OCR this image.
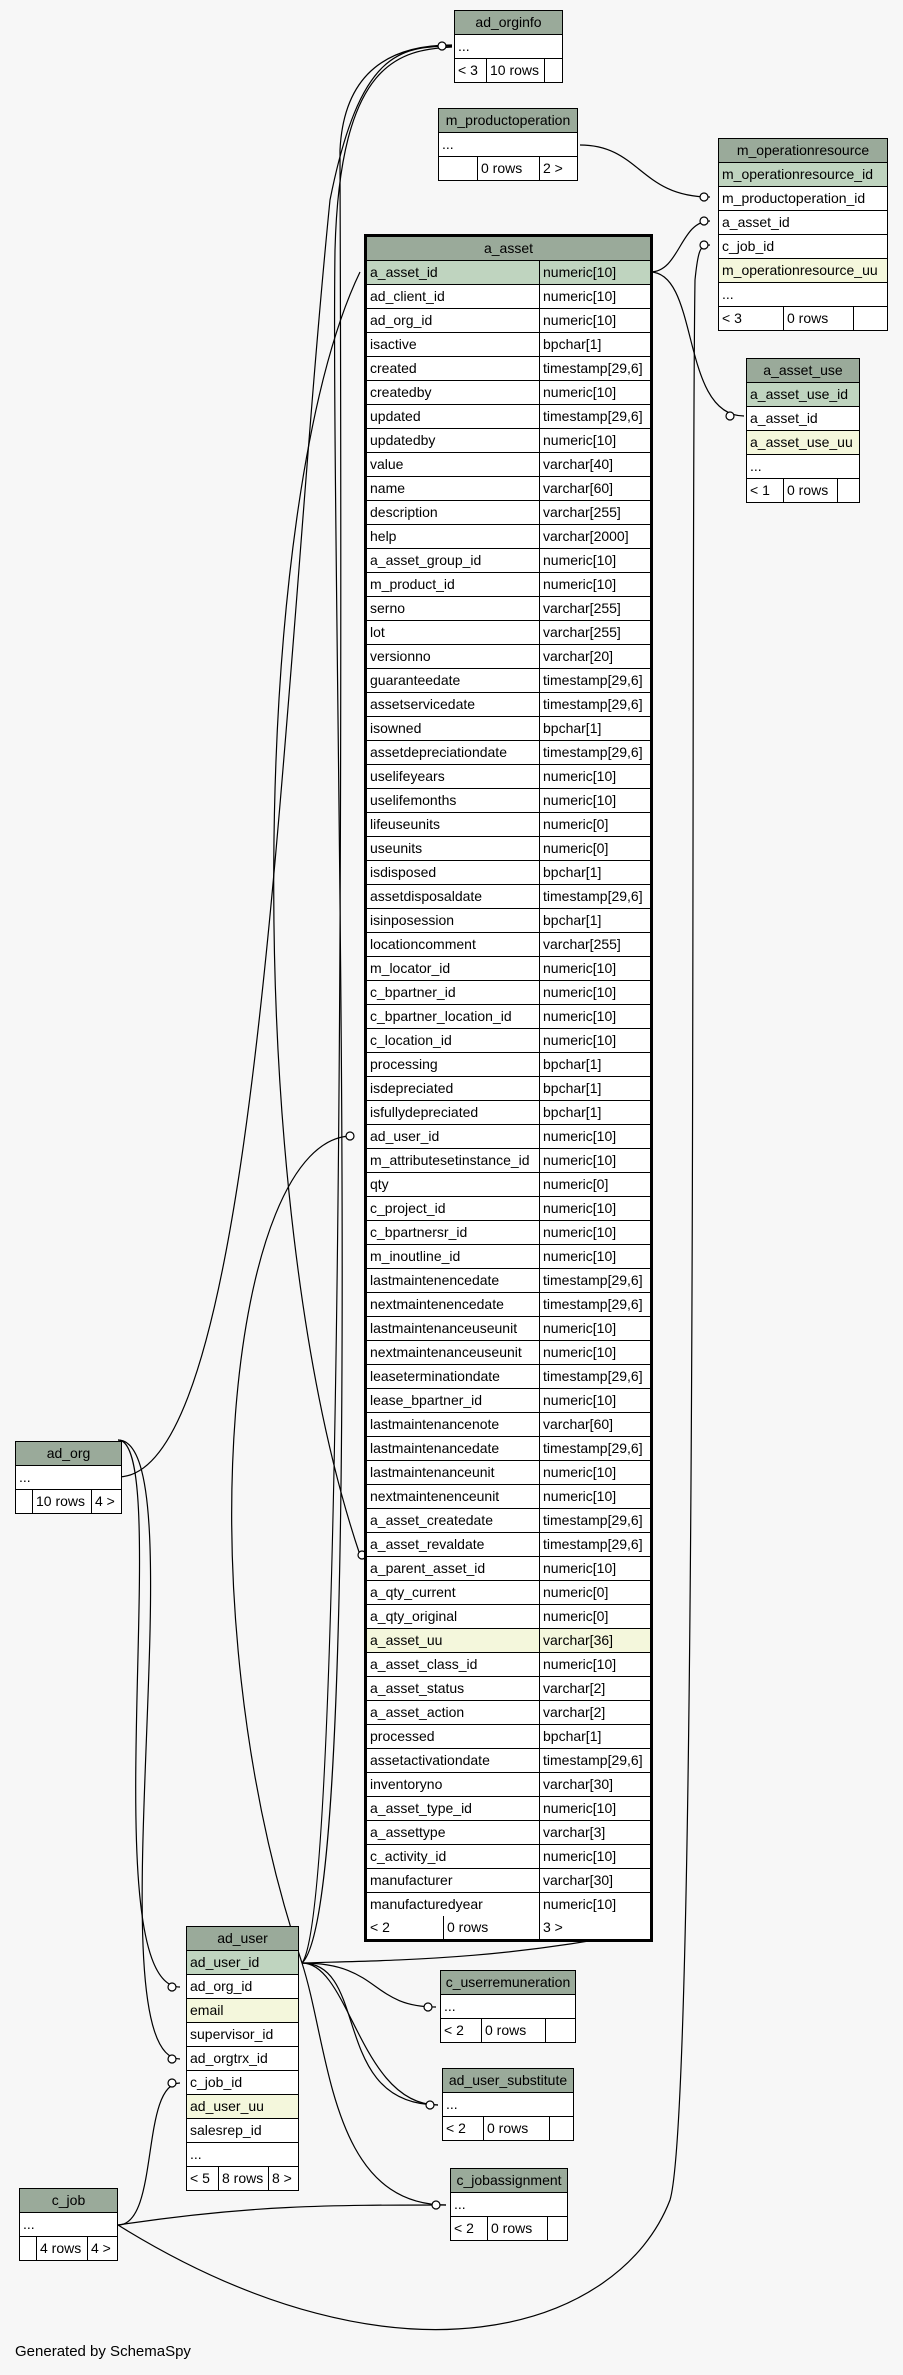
ad_orginfo
...
< 3 10 rows
m_productoperation
...
0 rows	2 >
m_operationresource
m_operationresource_id
m_productoperation_id
a_asset_id
c_job_id
m_operationresource_uu
...
< 3	0 rows
a_asset_use
a_asset_use_id
a_asset_id
a_asset_use_uu
...
< 1	0 rows
a_asset
a_asset_id	numeric[10]
ad_client_id	numeric[10]
ad_org_id	numeric[10]
isactive	bpchar[1]
created	timestamp[29,6]
createdby	numeric[10]
updated	timestamp[29,6]
updatedby	numeric[10]
value	varchar[40]
name	varchar[60]
description	varchar[255]
help	varchar[2000]
a_asset_group_id	numeric[10]
m_product_id	numeric[10]
serno	varchar[255]
lot	varchar[255]
versionno	varchar[20]
guaranteedate	timestamp[29,6]
assetservicedate	timestamp[29,6]
isowned	bpchar[1]
assetdepreciationdate	timestamp[29,6]
uselifeyears	numeric[10]
uselifemonths	numeric[10]
lifeuseunits	numeric[0]
useunits	numeric[0]
isdisposed	bpchar[1]
assetdisposaldate	timestamp[29,6]
isinposession	bpchar[1]
locationcomment	varchar[255]
m_locator_id	numeric[10]
c_bpartner_id	numeric[10]
c_bpartner_location_id	numeric[10]
c_location_id	numeric[10]
processing	bpchar[1]
isdepreciated	bpchar[1]
isfullydepreciated	bpchar[1]
ad_user_id	numeric[10]
m_attributesetinstance_id numeric[10]
qty	numeric[0]
c_project_id	numeric[10]
c_bpartnersr_id	numeric[10]
m_inoutline_id	numeric[10]
lastmaintenencedate	timestamp[29,6]
nextmaintenencedate	timestamp[29,6]
lastmaintenanceuseunit	numeric[10]
nextmaintenanceuseunit	numeric[10]
leaseterminationdate	timestamp[29,6]
lease_bpartner_id	numeric[10]
lastmaintenancenote	varchar[60]
lastmaintenancedate	timestamp[29,6]
lastmaintenanceunit	numeric[10]
nextmaintenenceunit	numeric[10]
a_asset_createdate	timestamp[29,6]
a_asset_revaldate	timestamp[29,6]
a_parent_asset_id	numeric[10]
a_qty_current	numeric[0]
a_qty_original	numeric[0]
a_asset_uu	varchar[36]
a_asset_class_id	numeric[10]
a_asset_status	varchar[2]
a_asset_action	varchar[2]
processed	bpchar[1]
assetactivationdate	timestamp[29,6]
inventoryno	varchar[30]
a_asset_type_id	numeric[10]
a_assettype	varchar[3]
c_activity_id	numeric[10]
manufacturer	varchar[30]
manufacturedyear	numeric[10]
< 2	0 rows	3 >
ad_org
...
10 rows 4 >
ad_user
ad_user_id
ad_org_id
email
supervisor_id
ad_orgtrx_id
c_job_id
ad_user_uu
salesrep_id
...
< 5 8 rows 8 >
c_userremuneration
...
< 2	0 rows
ad_user_substitute
...
< 2	0 rows
c_job
...
4 rows 4 >
c_jobassignment
...
< 2	0 rows
Generated by SchemaSpy
